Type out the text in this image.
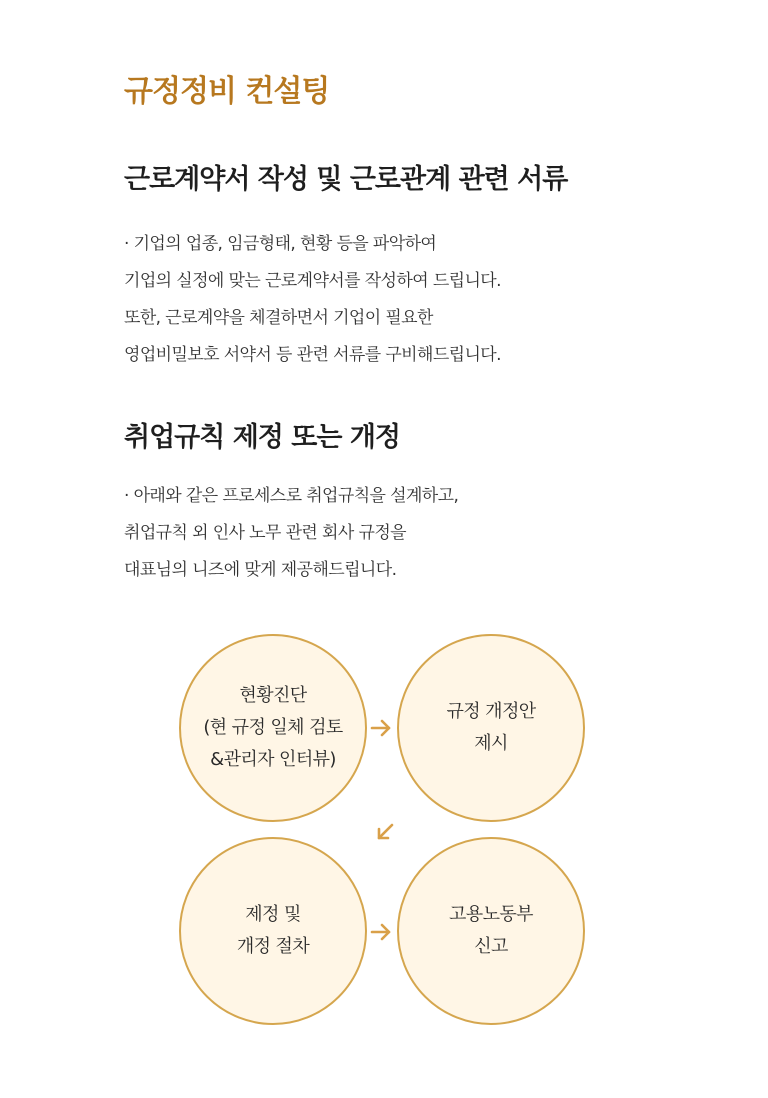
규정정비 컨설팅
근로계약서 작성 및 근로관계 관련 서류
· 기업의 업종, 임금형태, 현황 등을 파악하여
기업의 실정에 맞는 근로계약서를 작성하여 드립니다.
또한, 근로계약을 체결하면서 기업이 필요한
영업비밀보호 서약서 등 관련 서류를 구비해드립니다.
취업규칙 제정 또는 개정
· 아래와 같은 프로세스로 취업규칙을 설계하고,
취업규칙 외 인사 노무 관련 회사 규정을
대표님의 니즈에 맞게 제공해드립니다.
현황진단
(현 규정 일체 검토
&관리자 인터뷰)
규정 개정안
제시
제정 및
개정 절차
고용노동부
신고
